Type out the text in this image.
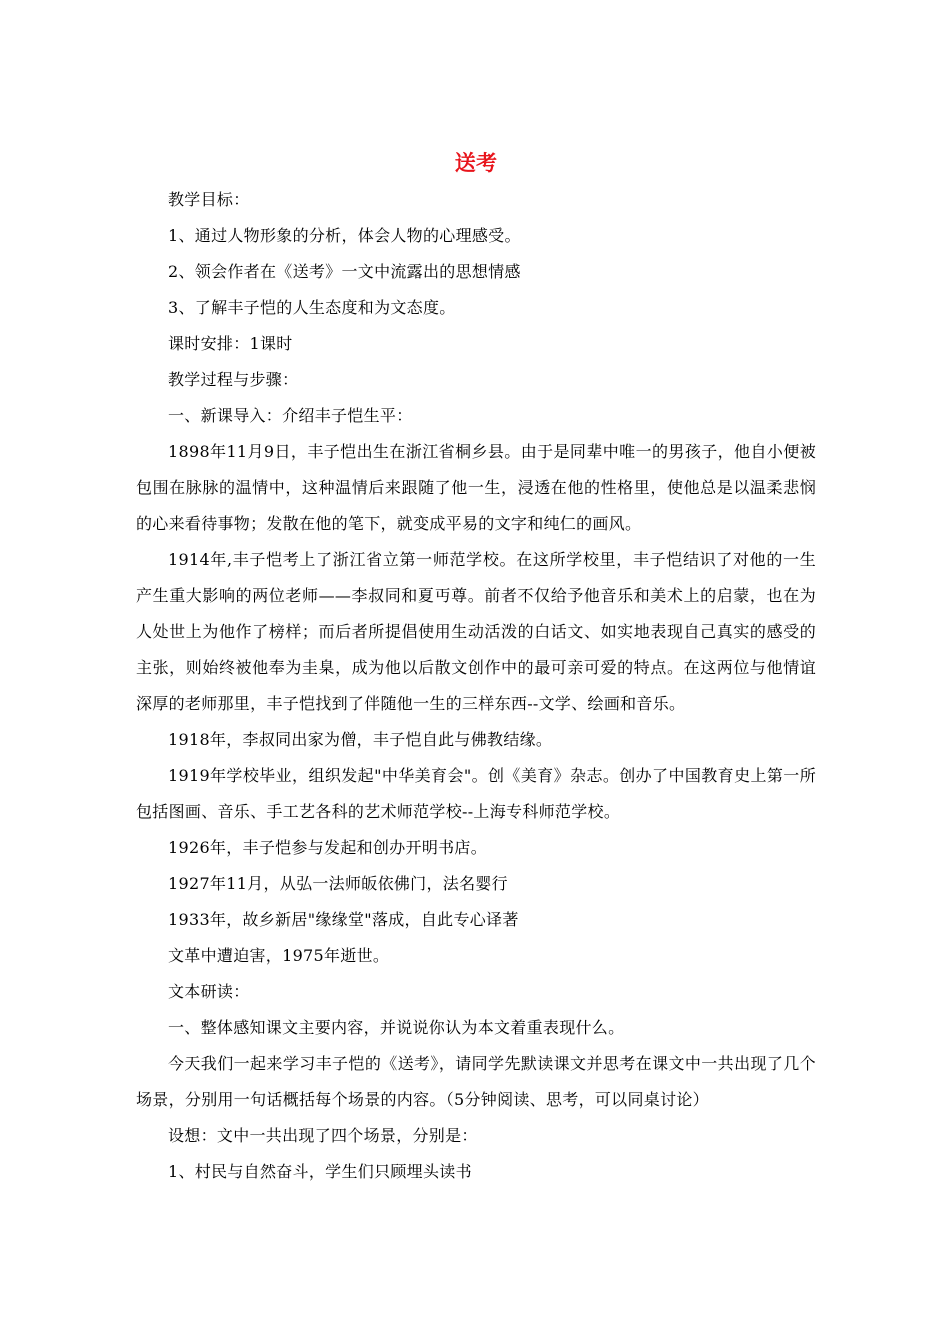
送考

教学目标：

1、通过人物形象的分析，体会人物的心理感受。

2、领会作者在《送考》一文中流露出的思想情感

3、了解丰子恺的人生态度和为文态度。

课时安排：1课时

教学过程与步骤：

一、新课导入：介绍丰子恺生平：

1898年11月9日，丰子恺出生在浙江省桐乡县。由于是同辈中唯一的男孩子，他自小便被包围在脉脉的温情中，这种温情后来跟随了他一生，浸透在他的性格里，使他总是以温柔悲悯的心来看待事物；发散在他的笔下，就变成平易的文字和纯仁的画风。

1914年,丰子恺考上了浙江省立第一师范学校。在这所学校里，丰子恺结识了对他的一生产生重大影响的两位老师——李叔同和夏丏尊。前者不仅给予他音乐和美术上的启蒙，也在为人处世上为他作了榜样；而后者所提倡使用生动活泼的白话文、如实地表现自己真实的感受的主张，则始终被他奉为圭臬，成为他以后散文创作中的最可亲可爱的特点。在这两位与他情谊深厚的老师那里，丰子恺找到了伴随他一生的三样东西--文学、绘画和音乐。

1918年，李叔同出家为僧，丰子恺自此与佛教结缘。

1919年学校毕业，组织发起"中华美育会"。创《美育》杂志。创办了中国教育史上第一所包括图画、音乐、手工艺各科的艺术师范学校--上海专科师范学校。

1926年，丰子恺参与发起和创办开明书店。

1927年11月，从弘一法师皈依佛门，法名婴行

1933年，故乡新居"缘缘堂"落成，自此专心译著

文革中遭迫害，1975年逝世。

文本研读：

一、整体感知课文主要内容，并说说你认为本文着重表现什么。

今天我们一起来学习丰子恺的《送考》，请同学先默读课文并思考在课文中一共出现了几个场景，分别用一句话概括每个场景的内容。（5分钟阅读、思考，可以同桌讨论）

设想：文中一共出现了四个场景，分别是：

1、村民与自然奋斗，学生们只顾埋头读书
